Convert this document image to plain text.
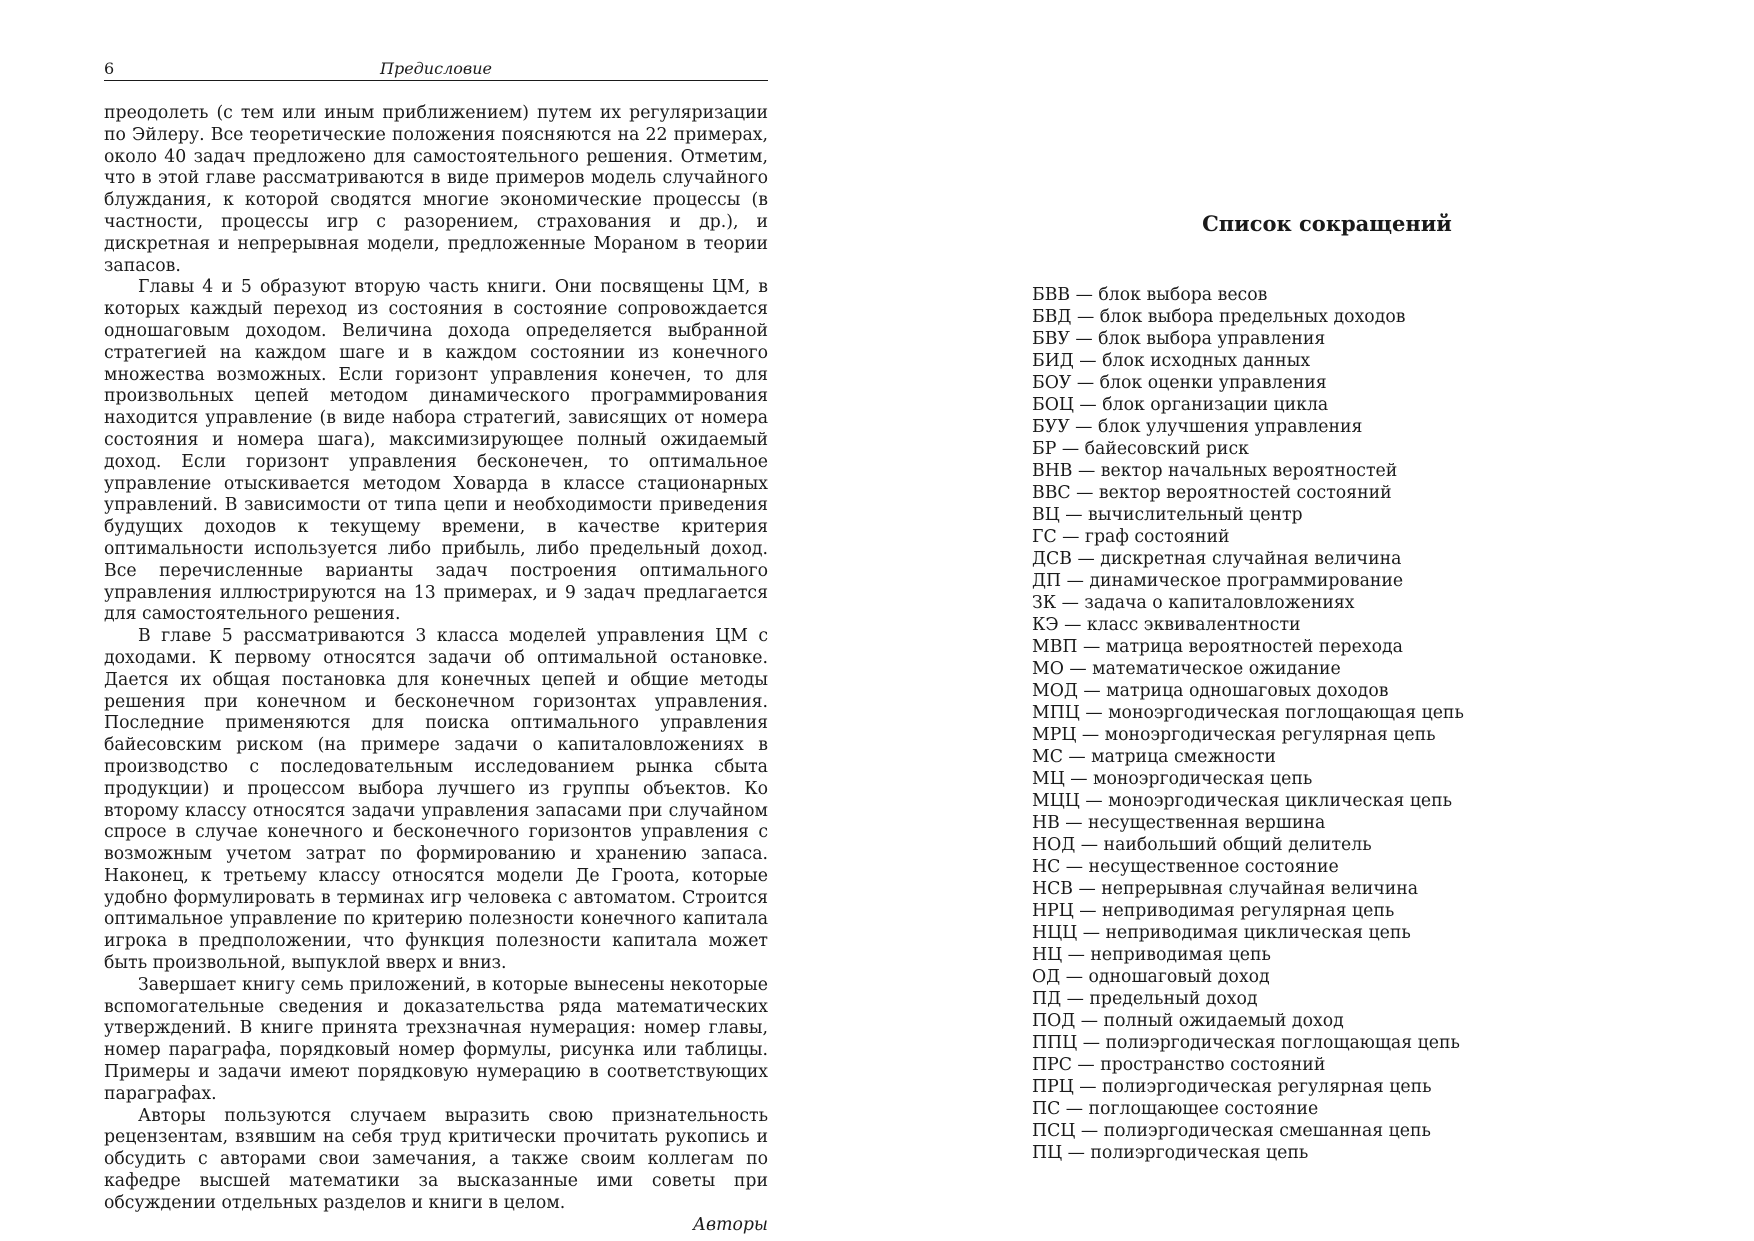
6	Предисловие

преодолеть (с тем или иным приближением) путем их регуляризации по Эйлеру. Все теоретические положения поясняются на 22 примерах, около 40 задач предложено для самостоятельного решения. Отметим, что в этой главе рассматриваются в виде примеров модель случайного блуждания, к которой сводятся многие экономические процессы (в частности, процессы игр с разорением, страхования и др.), и дискретная и непрерывная модели, предложенные Мораном в теории запасов.

Главы 4 и 5 образуют вторую часть книги. Они посвящены ЦМ, в которых каждый переход из состояния в состояние сопровождается одношаговым доходом. Величина дохода определяется выбранной стратегией на каждом шаге и в каждом состоянии из конечного множества возможных. Если горизонт управления конечен, то для произвольных цепей методом динамического программирования находится управление (в виде набора стратегий, зависящих от номера состояния и номера шага), максимизирующее полный ожидаемый доход. Если горизонт управления бесконечен, то оптимальное управление отыскивается методом Ховарда в классе стационарных управлений. В зависимости от типа цепи и необходимости приведения будущих доходов к текущему времени, в качестве критерия оптимальности используется либо прибыль, либо предельный доход. Все перечисленные варианты задач построения оптимального управления иллюстрируются на 13 примерах, и 9 задач предлагается для самостоятельного решения.

В главе 5 рассматриваются 3 класса моделей управления ЦМ с доходами. К первому относятся задачи об оптимальной остановке. Дается их общая постановка для конечных цепей и общие методы решения при конечном и бесконечном горизонтах управления. Последние применяются для поиска оптимального управления байесовским риском (на примере задачи о капиталовложениях в производство с последовательным исследованием рынка сбыта продукции) и процессом выбора лучшего из группы объектов. Ко второму классу относятся задачи управления запасами при случайном спросе в случае конечного и бесконечного горизонтов управления с возможным учетом затрат по формированию и хранению запаса. Наконец, к третьему классу относятся модели Де Гроота, которые удобно формулировать в терминах игр человека с автоматом. Строится оптимальное управление по критерию полезности конечного капитала игрока в предположении, что функция полезности капитала может быть произвольной, выпуклой вверх и вниз.

Завершает книгу семь приложений, в которые вынесены некоторые вспомогательные сведения и доказательства ряда математических утверждений. В книге принята трехзначная нумерация: номер главы, номер параграфа, порядковый номер формулы, рисунка или таблицы. Примеры и задачи имеют порядковую нумерацию в соответствующих параграфах.

Авторы пользуются случаем выразить свою признательность рецензентам, взявшим на себя труд критически прочитать рукопись и обсудить с авторами свои замечания, а также своим коллегам по кафедре высшей математики за высказанные ими советы при обсуждении отдельных разделов и книги в целом.

Авторы
Список сокращений
БВВ — блок выбора весов
БВД — блок выбора предельных доходов
БВУ — блок выбора управления
БИД — блок исходных данных
БОУ — блок оценки управления
БОЦ — блок организации цикла
БУУ — блок улучшения управления
БР — байесовский риск
ВНВ — вектор начальных вероятностей
ВВС — вектор вероятностей состояний
ВЦ — вычислительный центр
ГС — граф состояний
ДСВ — дискретная случайная величина
ДП — динамическое программирование
ЗК — задача о капиталовложениях
КЭ — класс эквивалентности
МВП — матрица вероятностей перехода
МО — математическое ожидание
МОД — матрица одношаговых доходов
МПЦ — моноэргодическая поглощающая цепь
МРЦ — моноэргодическая регулярная цепь
МС — матрица смежности
МЦ — моноэргодическая цепь
МЦЦ — моноэргодическая циклическая цепь
НВ — несущественная вершина
НОД — наибольший общий делитель
НС — несущественное состояние
НСВ — непрерывная случайная величина
НРЦ — неприводимая регулярная цепь
НЦЦ — неприводимая циклическая цепь
НЦ — неприводимая цепь
ОД — одношаговый доход
ПД — предельный доход
ПОД — полный ожидаемый доход
ППЦ — полиэргодическая поглощающая цепь
ПРС — пространство состояний
ПРЦ — полиэргодическая регулярная цепь
ПС — поглощающее состояние
ПСЦ — полиэргодическая смешанная цепь
ПЦ — полиэргодическая цепь
